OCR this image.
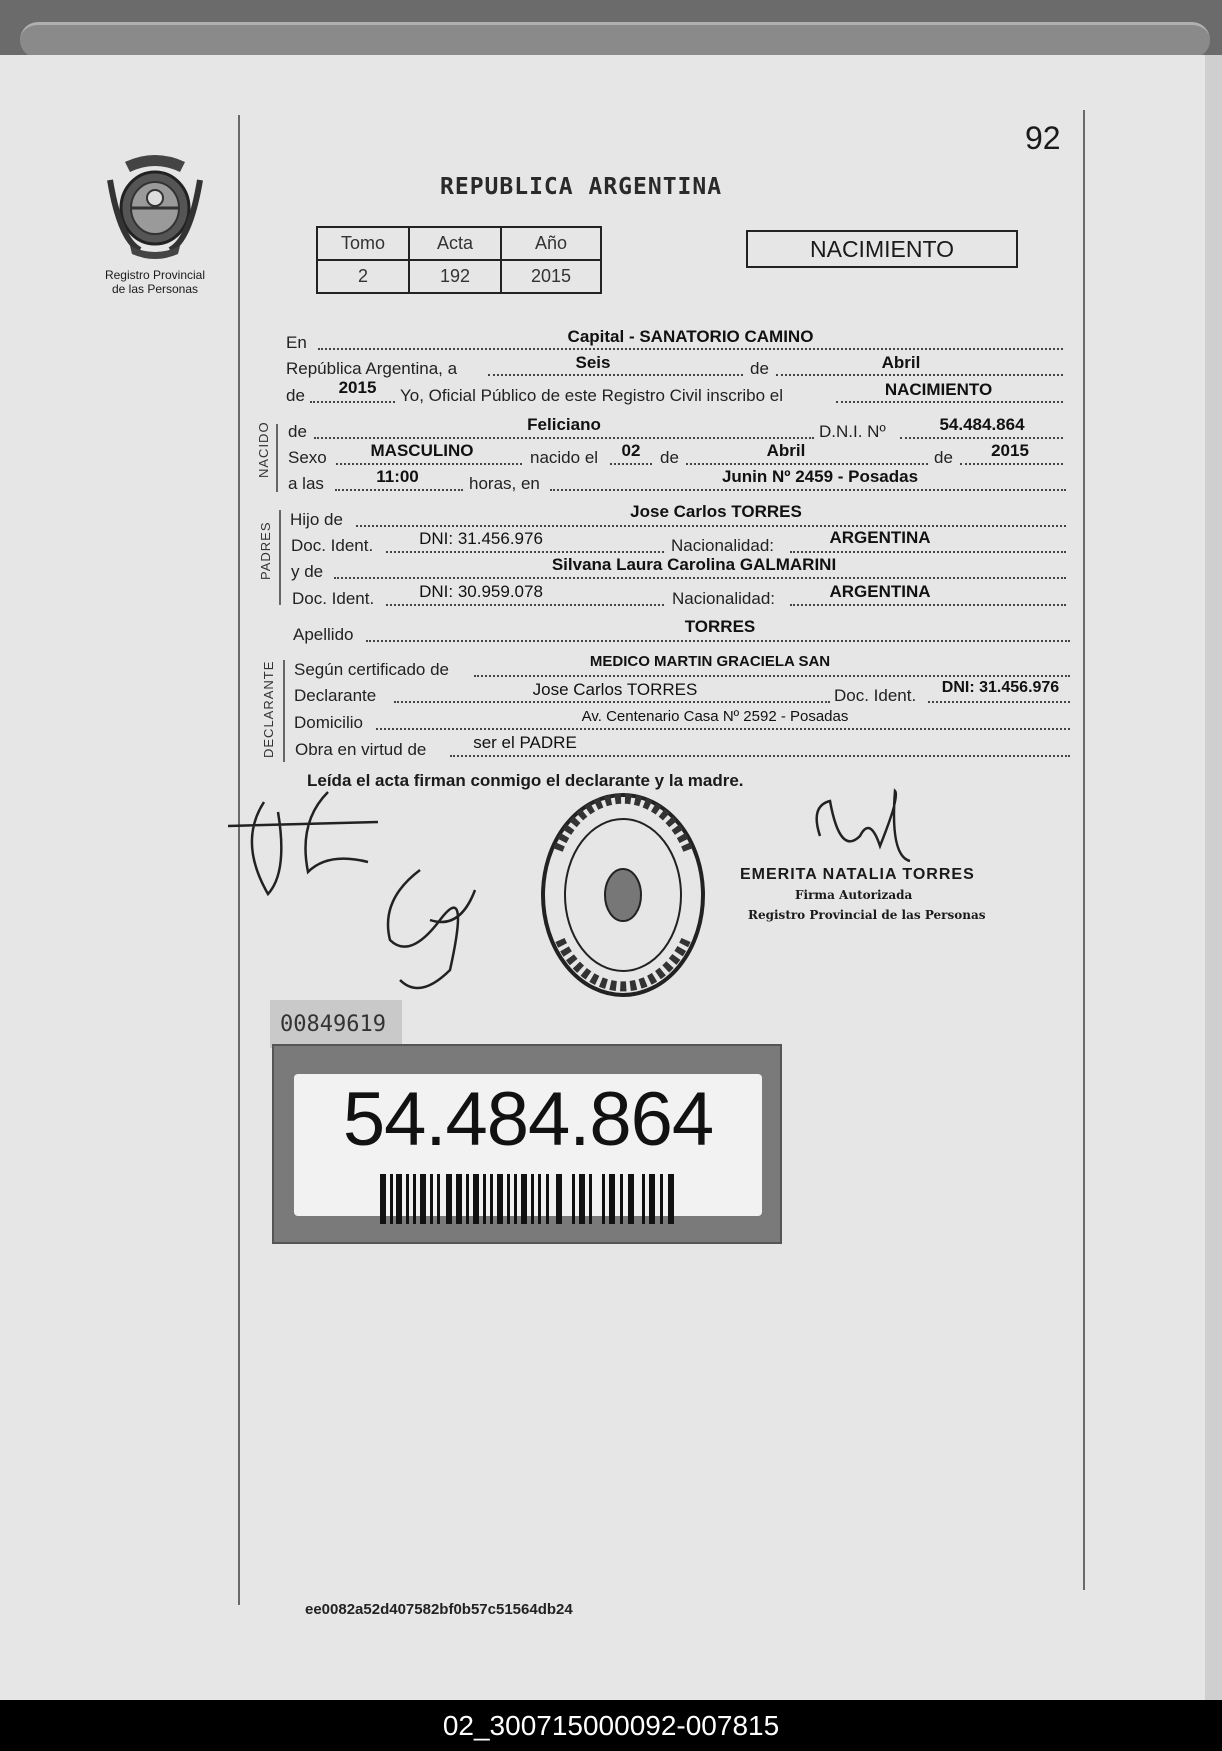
92
REPUBLICA ARGENTINA
Registro Provincial
de las Personas
Tomo	Acta	Año
2	192	2015
NACIMIENTO
En	Capital - SANATORIO CAMINO
República Argentina, a	Seis	de	Abril
de	2015	Yo, Oficial Público de este Registro Civil inscribo el	NACIMIENTO
NACIDO de	Feliciano	D.N.I. Nº	54.484.864
Sexo	MASCULINO	nacido el	02	de	Abril	de	2015
a las	11:00	horas, en	Junin Nº 2459 - Posadas
PADRES
Hijo de	Jose Carlos TORRES
Doc. Ident.	DNI: 31.456.976	Nacionalidad:	ARGENTINA
y de	Silvana Laura Carolina GALMARINI
Doc. Ident.	DNI: 30.959.078	Nacionalidad:	ARGENTINA
Apellido	TORRES
DECLARANTE Según certificado de	MEDICO MARTIN GRACIELA SAN
Declarante	Jose Carlos TORRES	Doc. Ident.	DNI: 31.456.976
Domicilio	Av. Centenario Casa Nº 2592 - Posadas
Obra en virtud de	ser el PADRE
Leída el acta firman conmigo el declarante y la madre.
EMERITA NATALIA TORRES
Firma Autorizada
Registro Provincial de las Personas
00849619
54.484.864
ee0082a52d407582bf0b57c51564db24
02_300715000092-007815
